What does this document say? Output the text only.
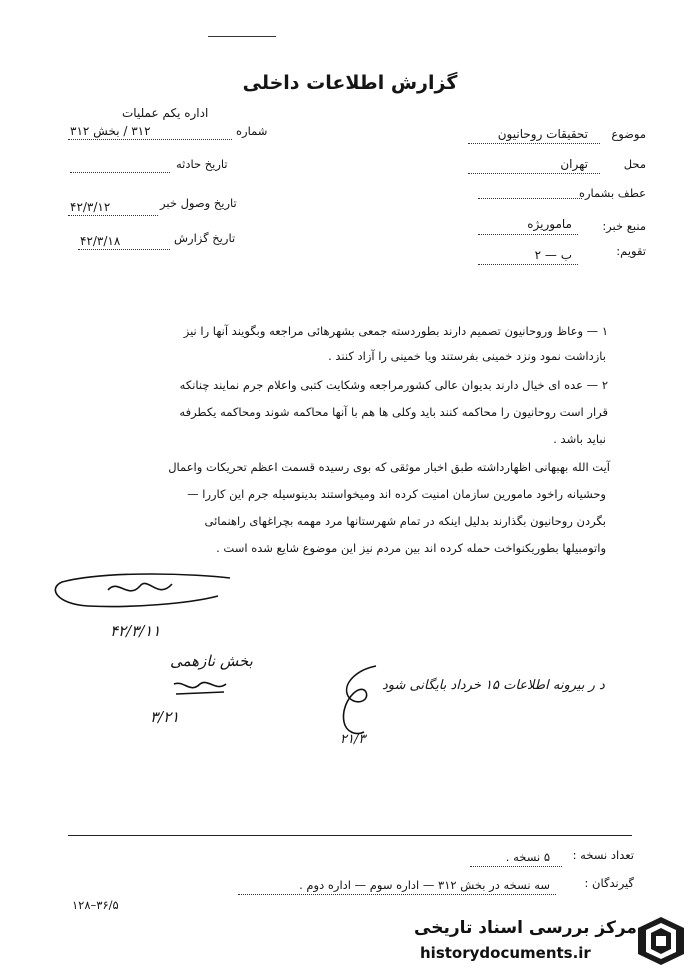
گزارش اطلاعات داخلی
موضوع
تحقیقات روحانیون
محل
تهران
عطف بشماره
منبع خبر:
ماموریژه
تقویم:
ب — ۲
اداره یکم عملیات
شماره
۳۱۲ / بخش ۳۱۲
تاریخ حادثه
تاریخ وصول خبر
۴۲/۳/۱۲
تاریخ گزارش
۴۲/۳/۱۸
۱ — وعاظ وروحانیون تصمیم دارند بطوردسته جمعی بشهرهائی مراجعه وبگویند آنها را نیز
بازداشت نمود ونزد خمینی بفرستند ویا خمینی را آزاد کنند .
۲ — عده ای خیال دارند بدیوان عالی کشورمراجعه وشکایت کتبی واعلام جرم نمایند چنانکه
قرار است روحانیون را محاکمه کنند باید وکلی ها هم با آنها محاکمه شوند ومحاکمه یکطرفه
نباید باشد .
آیت الله بهبهانی اظهارداشته طبق اخبار موثقی که بوی رسیده قسمت اعظم تحریکات واعمال
وحشیانه راخود مامورین سازمان امنیت کرده اند ومیخواستند بدینوسیله جرم این کاررا —
بگردن روحانیون بگذارند بدلیل اینکه در تمام شهرستانها مرد مهمه بچراغهای راهنمائی
واتومبیلها بطوریکنواخت حمله کرده اند بین مردم نیز این موضوع شایع شده است .
۴۲/۳/۱۱
بخش نازهمی
۳/۲۱
د ر بیرونه اطلاعات ۱۵ خرداد بایگانی شود
۲۱/۳
تعداد نسخه :
۵ نسخه .
گیرندگان :
سه نسخه در بخش ۳۱۲ — اداره سوم — اداره دوم .
۱۲۸–۳۶/۵
مرکز بررسی اسناد تاریخی
historydocuments.ir
